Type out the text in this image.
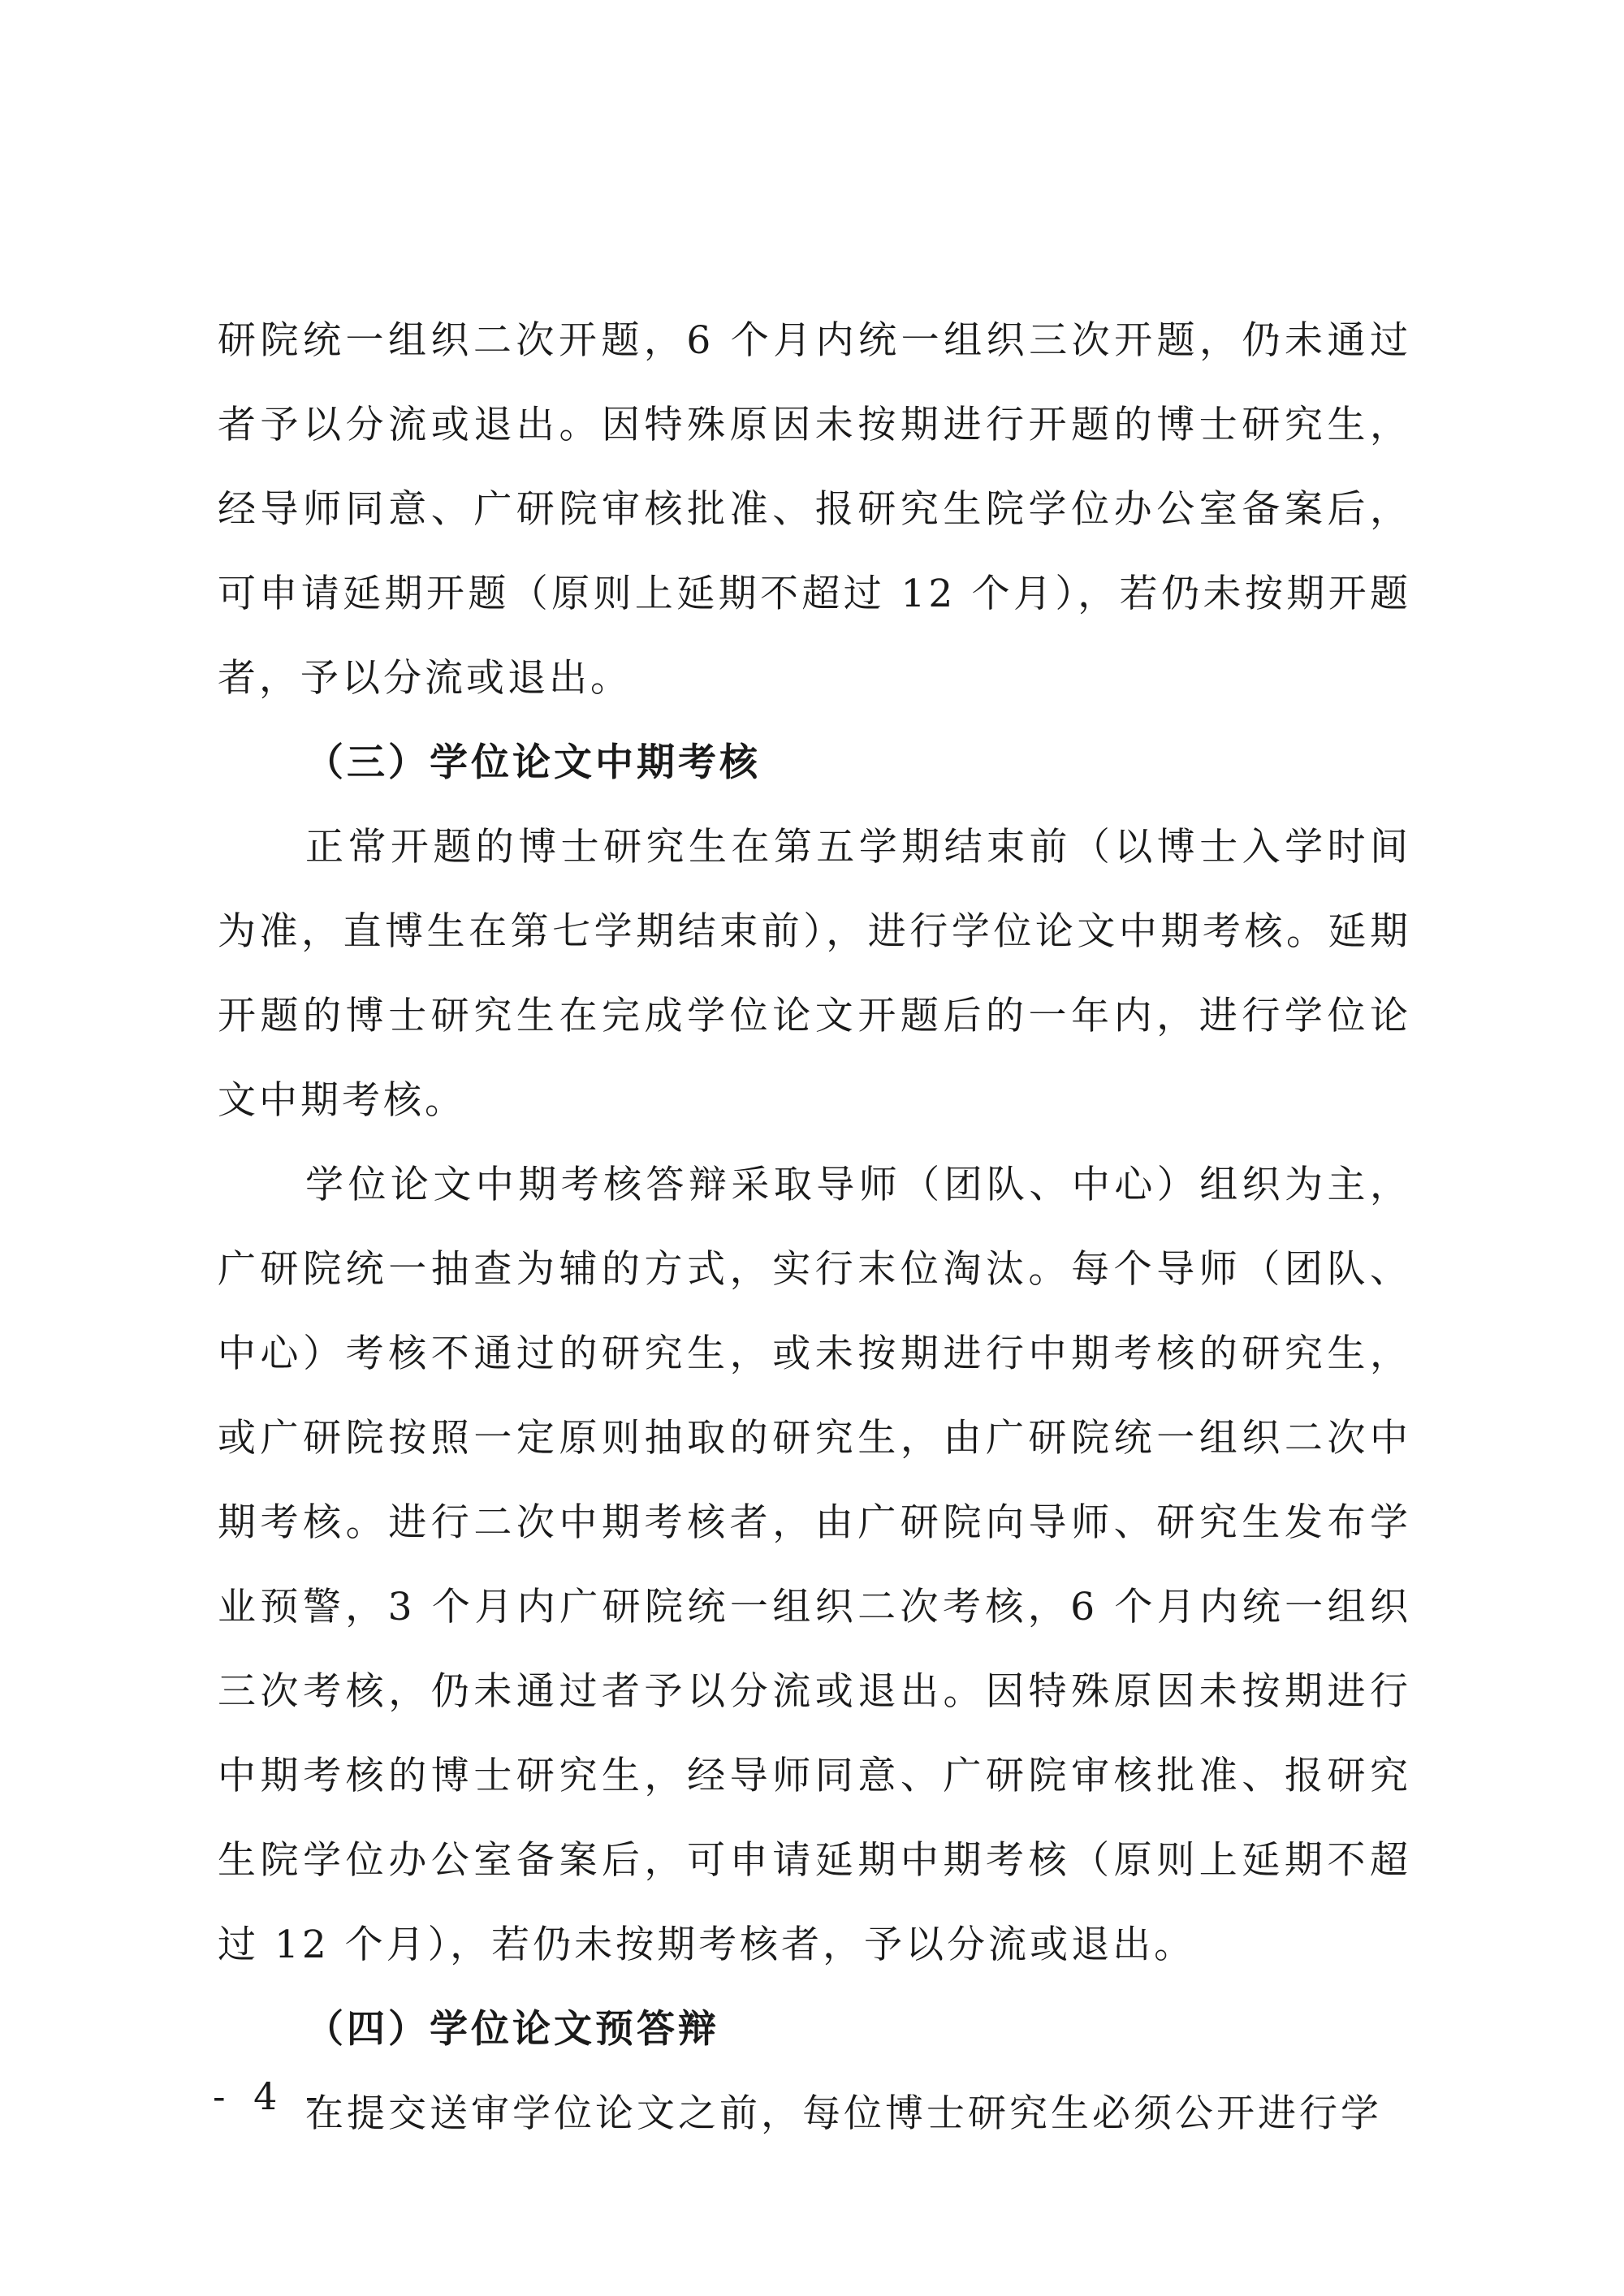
研院统一组织二次开题，6 个月内统一组织三次开题，仍未通过者予以分流或退出。因特殊原因未按期进行开题的博士研究生，经导师同意、广研院审核批准、报研究生院学位办公室备案后，可申请延期开题（原则上延期不超过 12 个月），若仍未按期开题者，予以分流或退出。

（三）学位论文中期考核

正常开题的博士研究生在第五学期结束前（以博士入学时间为准，直博生在第七学期结束前），进行学位论文中期考核。延期开题的博士研究生在完成学位论文开题后的一年内，进行学位论文中期考核。

学位论文中期考核答辩采取导师（团队、中心）组织为主，广研院统一抽查为辅的方式，实行末位淘汰。每个导师（团队、中心）考核不通过的研究生，或未按期进行中期考核的研究生，或广研院按照一定原则抽取的研究生，由广研院统一组织二次中期考核。进行二次中期考核者，由广研院向导师、研究生发布学业预警，3 个月内广研院统一组织二次考核，6 个月内统一组织三次考核，仍未通过者予以分流或退出。因特殊原因未按期进行中期考核的博士研究生，经导师同意、广研院审核批准、报研究生院学位办公室备案后，可申请延期中期考核（原则上延期不超过 12 个月），若仍未按期考核者，予以分流或退出。

（四）学位论文预答辩

在提交送审学位论文之前，每位博士研究生必须公开进行学

- 4 -
